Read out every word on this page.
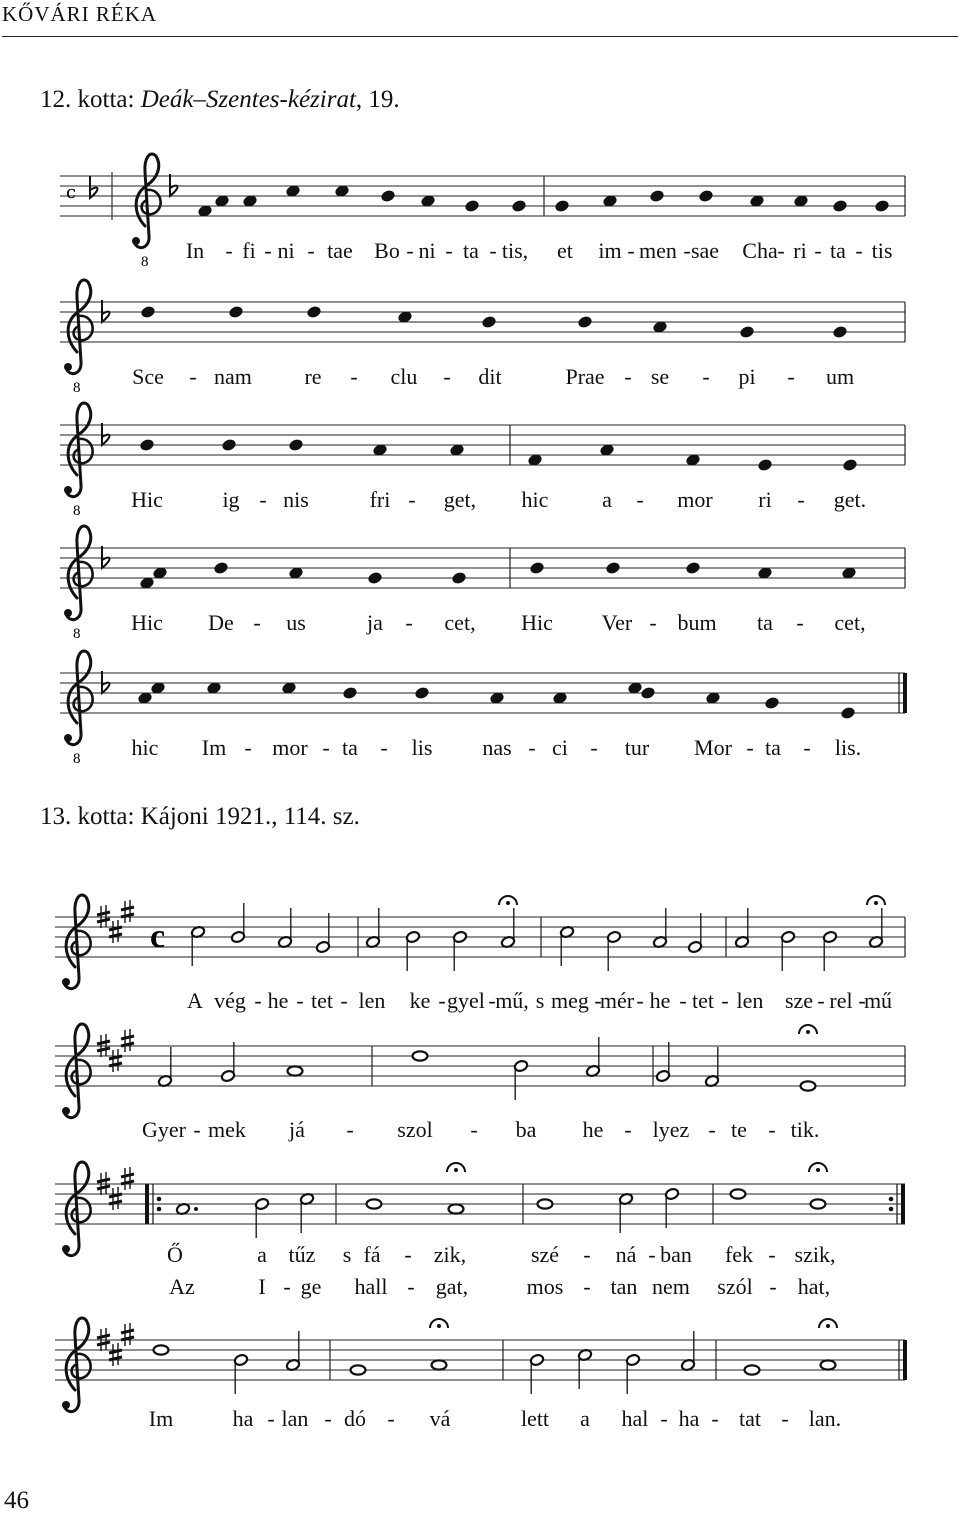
KŐVÁRI RÉKA
12. kotta: Deák–Szentes-kézirat, 19.
c
8 In - fi - ni - tae Bo - ni - ta - tis, et im - men - sae Cha - ri - ta - tis
8 Sce - nam re - clu - dit	Prae - se - pi - um
8 Hic	ig - nis	fri - get, hic a - mor ri - get.
8 Hic De - us	ja - cet, Hic Ver - bum ta - cet,
8 hic Im - mor - ta - lis nas - ci - tur Mor - ta - lis.
13. kotta: Kájoni 1921., 114. sz.
c
A vég - he - tet - len ke - gyel - mű, s meg -
mér - he - tet - len sze - rel -
mű
Gyer - mek já - szol - ba he - lyez - te - tik.
Ő	a tűz s fá - zik,	szé - ná - ban fek - szik,
Az	I - ge hall - gat,	mos - tan nem szól - hat,
Im	ha - lan - dó - vá	lett a hal - ha - tat - lan.
46
